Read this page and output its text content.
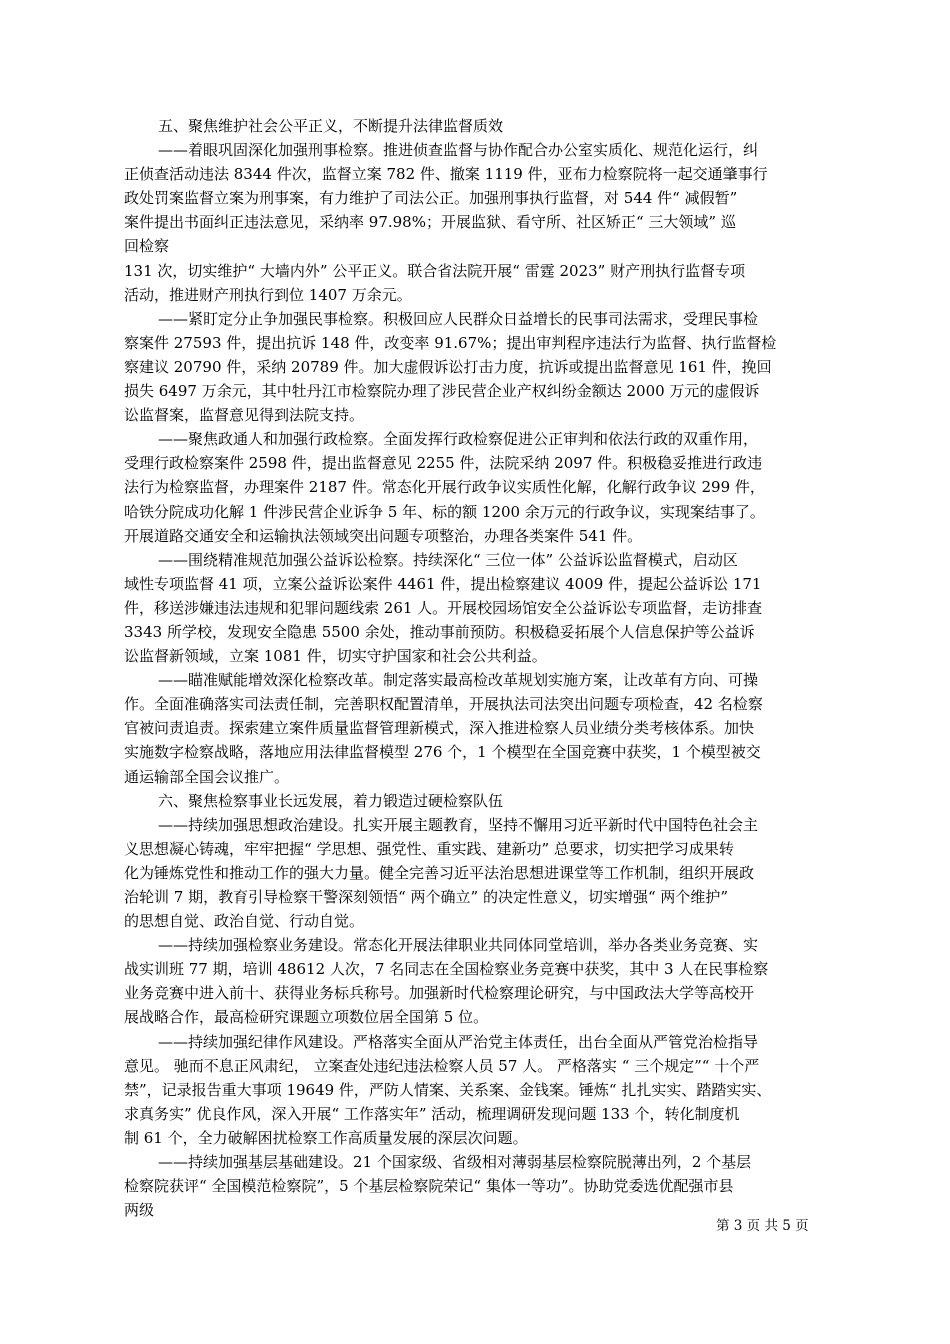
五、聚焦维护社会公平正义，不断提升法律监督质效
——着眼巩固深化加强刑事检察。推进侦查监督与协作配合办公室实质化、规范化运行，纠
正侦查活动违法 8344 件次，监督立案 782 件、撤案 1119 件，亚布力检察院将一起交通肇事行
政处罚案监督立案为刑事案，有力维护了司法公正。加强刑事执行监督，对 544 件“ 减假暂”
案件提出书面纠正违法意见，采纳率 97.98%；开展监狱、看守所、社区矫正“ 三大领域” 巡
回检察
131 次，切实维护“ 大墙内外” 公平正义。联合省法院开展“ 雷霆 2023” 财产刑执行监督专项
活动，推进财产刑执行到位 1407 万余元。
——紧盯定分止争加强民事检察。积极回应人民群众日益增长的民事司法需求，受理民事检
察案件 27593 件，提出抗诉 148 件，改变率 91.67%；提出审判程序违法行为监督、执行监督检
察建议 20790 件，采纳 20789 件。加大虚假诉讼打击力度，抗诉或提出监督意见 161 件，挽回
损失 6497 万余元，其中牡丹江市检察院办理了涉民营企业产权纠纷金额达 2000 万元的虚假诉
讼监督案，监督意见得到法院支持。
——聚焦政通人和加强行政检察。全面发挥行政检察促进公正审判和依法行政的双重作用，
受理行政检察案件 2598 件，提出监督意见 2255 件，法院采纳 2097 件。积极稳妥推进行政违
法行为检察监督，办理案件 2187 件。常态化开展行政争议实质性化解，化解行政争议 299 件，
哈铁分院成功化解 1 件涉民营企业诉争 5 年、标的额 1200 余万元的行政争议，实现案结事了。
开展道路交通安全和运输执法领域突出问题专项整治，办理各类案件 541 件。
——围绕精准规范加强公益诉讼检察。持续深化“ 三位一体” 公益诉讼监督模式，启动区
域性专项监督 41 项，立案公益诉讼案件 4461 件，提出检察建议 4009 件，提起公益诉讼 171
件，移送涉嫌违法违规和犯罪问题线索 261 人。开展校园场馆安全公益诉讼专项监督，走访排查
3343 所学校，发现安全隐患 5500 余处，推动事前预防。积极稳妥拓展个人信息保护等公益诉
讼监督新领域，立案 1081 件，切实守护国家和社会公共利益。
——瞄准赋能增效深化检察改革。制定落实最高检改革规划实施方案，让改革有方向、可操
作。全面准确落实司法责任制，完善职权配置清单，开展执法司法突出问题专项检查，42 名检察
官被问责追责。探索建立案件质量监督管理新模式，深入推进检察人员业绩分类考核体系。加快
实施数字检察战略，落地应用法律监督模型 276 个，1 个模型在全国竞赛中获奖，1 个模型被交
通运输部全国会议推广。
六、聚焦检察事业长远发展，着力锻造过硬检察队伍
——持续加强思想政治建设。扎实开展主题教育，坚持不懈用习近平新时代中国特色社会主
义思想凝心铸魂，牢牢把握“ 学思想、强党性、重实践、建新功” 总要求，切实把学习成果转
化为锤炼党性和推动工作的强大力量。健全完善习近平法治思想进课堂等工作机制，组织开展政
治轮训 7 期，教育引导检察干警深刻领悟“ 两个确立” 的决定性意义，切实增强“ 两个维护”
的思想自觉、政治自觉、行动自觉。
——持续加强检察业务建设。常态化开展法律职业共同体同堂培训，举办各类业务竞赛、实
战实训班 77 期，培训 48612 人次，7 名同志在全国检察业务竞赛中获奖，其中 3 人在民事检察
业务竞赛中进入前十、获得业务标兵称号。加强新时代检察理论研究，与中国政法大学等高校开
展战略合作，最高检研究课题立项数位居全国第 5 位。
——持续加强纪律作风建设。严格落实全面从严治党主体责任，出台全面从严管党治检指导
意见。 驰而不息正风肃纪， 立案查处违纪违法检察人员 57 人。 严格落实 “ 三个规定”“ 十个严
禁”，记录报告重大事项 19649 件，严防人情案、关系案、金钱案。锤炼“ 扎扎实实、踏踏实实、
求真务实” 优良作风，深入开展“ 工作落实年” 活动，梳理调研发现问题 133 个，转化制度机
制 61 个，全力破解困扰检察工作高质量发展的深层次问题。
——持续加强基层基础建设。21 个国家级、省级相对薄弱基层检察院脱薄出列，2 个基层
检察院获评“ 全国模范检察院”，5 个基层检察院荣记“ 集体一等功”。协助党委选优配强市县
两级
第 3 页 共 5 页
